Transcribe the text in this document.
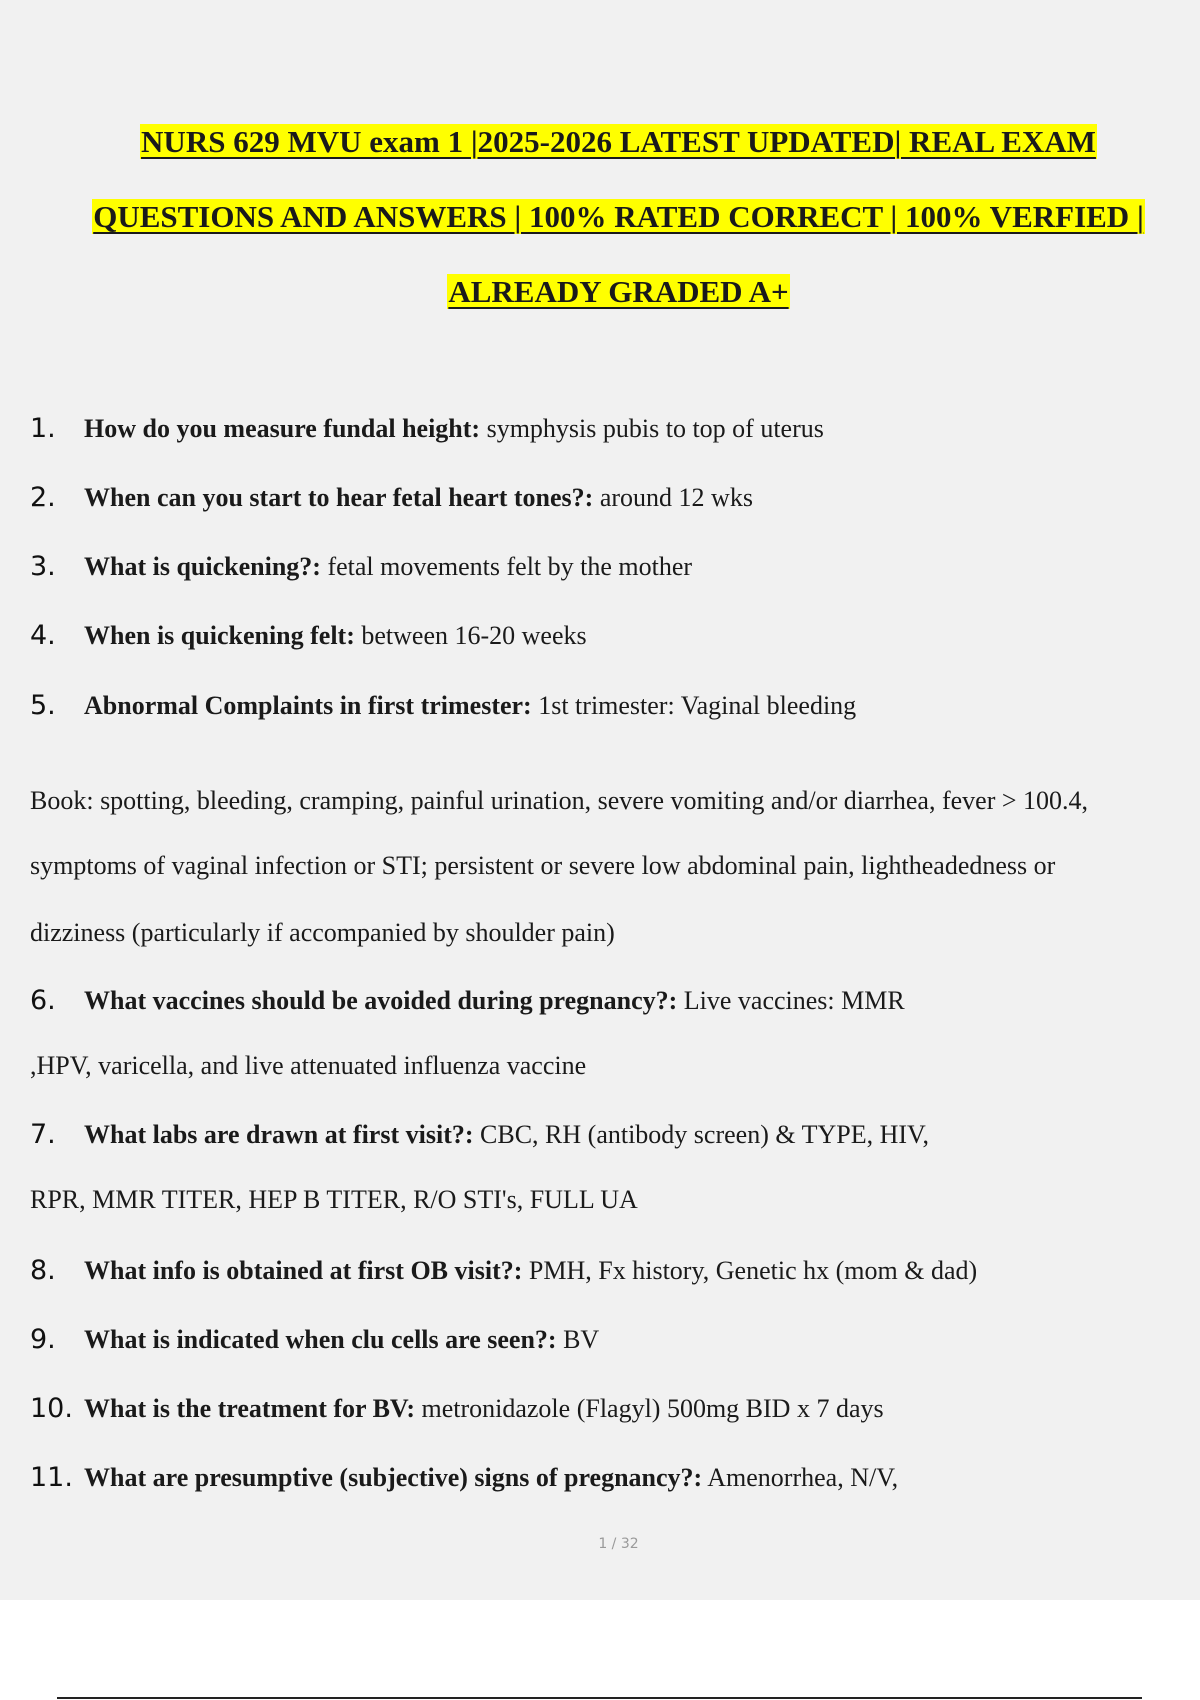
NURS 629 MVU exam 1 |2025-2026 LATEST UPDATED| REAL EXAM
QUESTIONS AND ANSWERS | 100% RATED CORRECT | 100% VERFIED |
ALREADY GRADED A+
1. How do you measure fundal height: symphysis pubis to top of uterus
2. When can you start to hear fetal heart tones?: around 12 wks
3. What is quickening?: fetal movements felt by the mother
4. When is quickening felt: between 16-20 weeks
5. Abnormal Complaints in first trimester: 1st trimester: Vaginal bleeding
Book: spotting, bleeding, cramping, painful urination, severe vomiting and/or diarrhea, fever > 100.4,
symptoms of vaginal infection or STI; persistent or severe low abdominal pain, lightheadedness or
dizziness (particularly if accompanied by shoulder pain)
6. What vaccines should be avoided during pregnancy?: Live vaccines: MMR
,HPV, varicella, and live attenuated influenza vaccine
7. What labs are drawn at first visit?: CBC, RH (antibody screen) & TYPE, HIV,
RPR, MMR TITER, HEP B TITER, R/O STI's, FULL UA
8. What info is obtained at first OB visit?: PMH, Fx history, Genetic hx (mom & dad)
9. What is indicated when clu cells are seen?: BV
10. What is the treatment for BV: metronidazole (Flagyl) 500mg BID x 7 days
11. What are presumptive (subjective) signs of pregnancy?: Amenorrhea, N/V,
1 / 32
